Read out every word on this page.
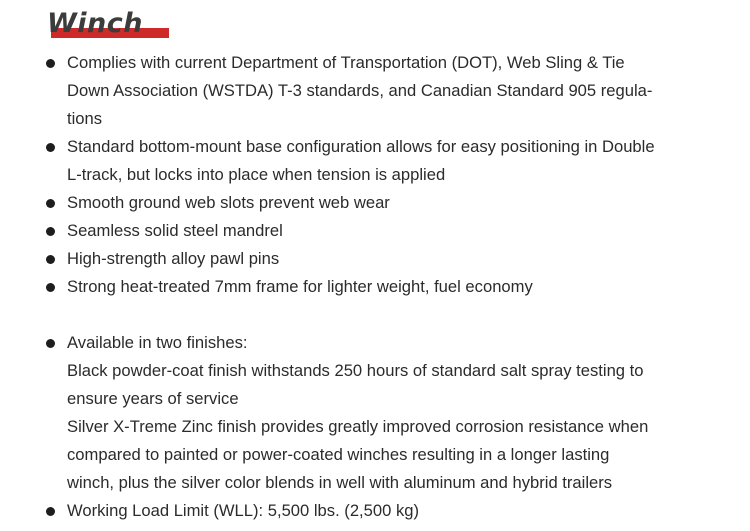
Winch
Complies with current Department of Transportation (DOT), Web Sling & Tie
Down Association (WSTDA) T-3 standards, and Canadian Standard 905 regula-
tions
Standard bottom-mount base configuration allows for easy positioning in Double
L-track, but locks into place when tension is applied
Smooth ground web slots prevent web wear
Seamless solid steel mandrel
High-strength alloy pawl pins
Strong heat-treated 7mm frame for lighter weight, fuel economy
Available in two finishes:
Black powder-coat finish withstands 250 hours of standard salt spray testing to
ensure years of service
Silver X-Treme Zinc finish provides greatly improved corrosion resistance when
compared to painted or power-coated winches resulting in a longer lasting
winch, plus the silver color blends in well with aluminum and hybrid trailers
Working Load Limit (WLL): 5,500 lbs. (2,500 kg)
